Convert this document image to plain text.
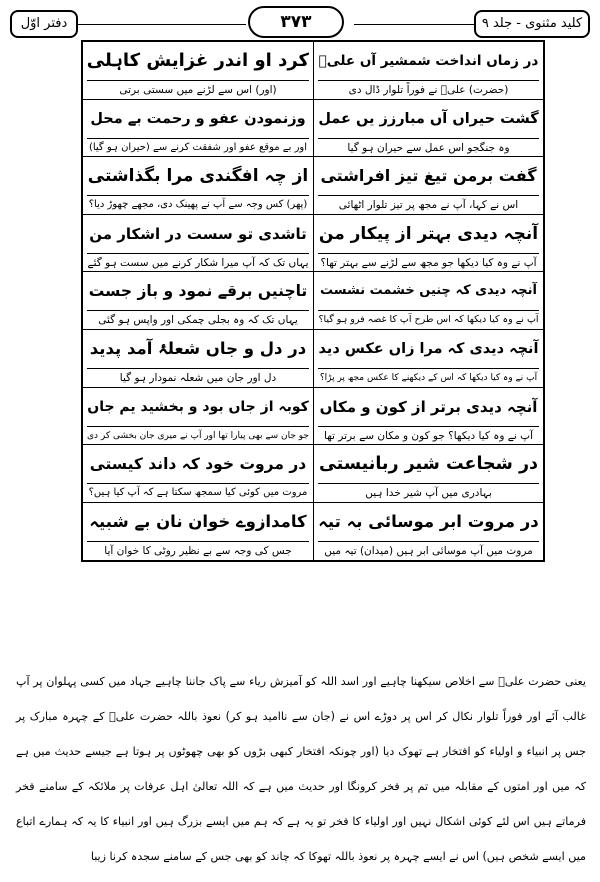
کلید مثنوی - جلد ۹
۳۷۳
دفتر اوّل
در زماں انداخت شمشیر آں علیؓ
(حضرت) علیؓ نے فوراً تلوار ڈال دی
کرد او اندر غزایش کاہلی
(اور) اس سے لڑنے میں سستی برتی
گشت حیراں آں مبارزز یں عمل
وہ جنگجو اس عمل سے حیران ہو گیا
وزنمودن عفو و رحمت بے محل
اور بے موقع عفو اور شفقت کرنے سے (حیران ہو گیا)
گفت برمن تیغ تیز افراشتی
اس نے کہا، آپ نے مجھ پر تیز تلوار اٹھائی
از چہ افگندی مرا بگذاشتی
(پھر) کس وجہ سے آپ نے پھینک دی، مجھے چھوڑ دیا؟
آنچہ دیدی بہتر از پیکار من
آپ نے وہ کیا دیکھا جو مجھ سے لڑنے سے بہتر تھا؟
تاشدی تو سست در اشکار من
یہاں تک کہ آپ میرا شکار کرنے میں سست ہو گئے
آنچہ دیدی کہ چنیں خشمت نشست
آپ نے وہ کیا دیکھا کہ اس طرح آپ کا غصہ فرو ہو گیا؟
تاچنیں برقے نمود و باز جست
یہاں تک کہ وہ بجلی چمکی اور واپس ہو گئی
آنچہ دیدی کہ مرا زاں عکس دید
آپ نے وہ کیا دیکھا کہ اس کے دیکھنے کا عکس مجھ پر پڑا؟
در دل و جاں شعلۂ آمد پدید
دل اور جان میں شعلہ نمودار ہو گیا
آنچہ دیدی برتر از کون و مکاں
آپ نے وہ کیا دیکھا؟ جو کون و مکان سے برتر تھا
کوبہ از جاں بود و بخشید یم جاں
جو جان سے بھی پیارا تھا اور آپ نے میری جان بخشی کر دی
در شجاعت شیر ربانیستی
بہادری میں آپ شیر خدا ہیں
در مروت خود کہ داند کیستی
مروت میں کوئی کیا سمجھ سکتا ہے کہ آپ کیا ہیں؟
در مروت ابر موسائی بہ تیہ
مروت میں آپ موسائی ابر ہیں (میدان) تیہ میں
کامدازوے خوان نان بے شبیہ
جس کی وجہ سے بے نظیر روٹی کا خوان آیا
یعنی حضرت علیؓ سے اخلاص سیکھنا چاہیے اور اسد اللہ کو آمیزش ریاء سے پاک جاننا چاہیے جہاد میں کسی پہلوان پر آپ غالب آئے اور فوراً تلوار نکال کر اس پر دوڑے اس نے (جان سے ناامید ہو کر) نعوذ باللہ حضرت علیؓ کے چہرہ مبارک پر جس پر انبیاء و اولیاء کو افتخار ہے تھوک دیا (اور چونکہ افتخار کبھی بڑوں کو بھی چھوٹوں پر ہوتا ہے جیسے حدیث میں ہے کہ میں اور امتوں کے مقابلہ میں تم پر فخر کرونگا اور حدیث میں ہے کہ اللہ تعالیٰ اہل عرفات پر ملائکہ کے سامنے فخر فرماتے ہیں اس لئے کوئی اشکال نہیں اور اولیاء کا فخر تو یہ ہے کہ ہم میں ایسے بزرگ ہیں اور انبیاء کا یہ کہ ہمارے اتباع میں ایسے شخص ہیں) اس نے ایسے چہرہ پر نعوذ باللہ تھوکا کہ چاند کو بھی جس کے سامنے سجدہ کرنا زیبا
